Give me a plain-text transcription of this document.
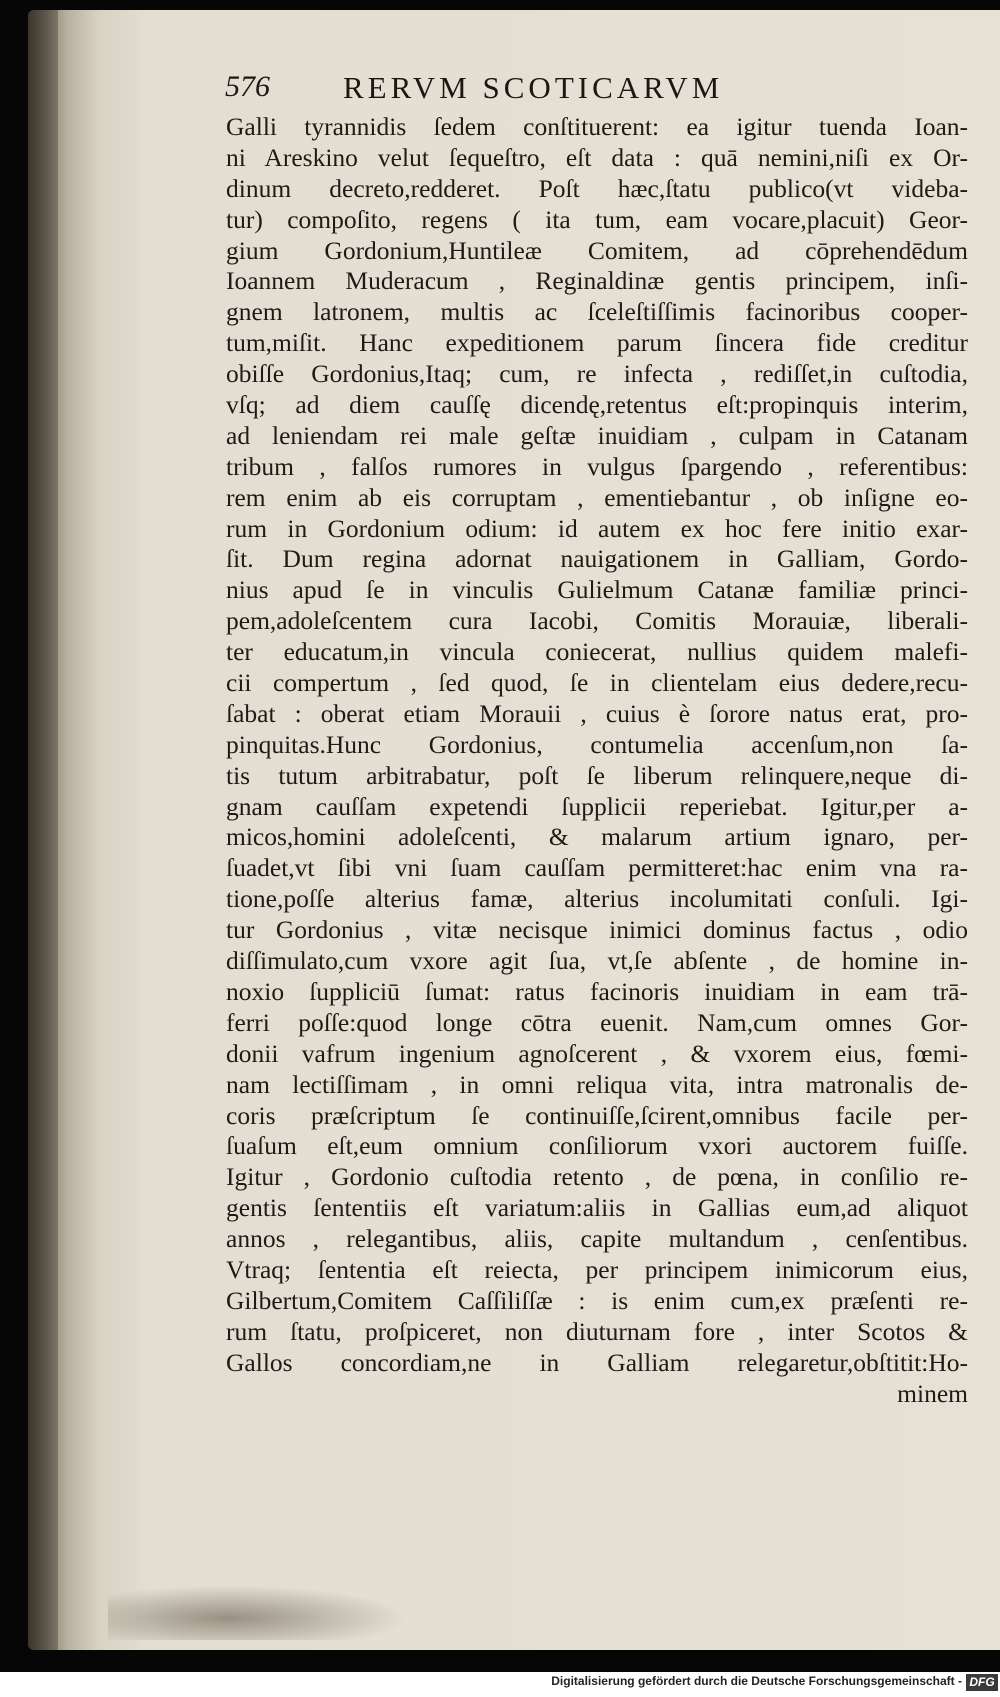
576 RERVM SCOTICARVM
Galli tyrannidis ſedem conſtituerent: ea igitur tuenda Ioan-
ni Areskino velut ſequeſtro, eſt data : quā nemini,niſi ex Or-
dinum decreto,redderet. Poſt hæc,ſtatu publico(vt videba-
tur) compoſito, regens ( ita tum, eam vocare,placuit) Geor-
gium Gordonium,Huntileæ Comitem, ad cōprehendēdum
Ioannem Muderacum , Reginaldinæ gentis principem, inſi-
gnem latronem, multis ac ſceleſtiſſimis facinoribus cooper-
tum,miſit. Hanc expeditionem parum ſincera fide creditur
obiſſe Gordonius,Itaq; cum, re infecta , rediſſet,in cuſtodia,
vſq; ad diem cauſſę dicendę,retentus eſt:propinquis interim,
ad leniendam rei male geſtæ inuidiam , culpam in Catanam
tribum , falſos rumores in vulgus ſpargendo , referentibus:
rem enim ab eis corruptam , ementiebantur , ob inſigne eo-
rum in Gordonium odium: id autem ex hoc fere initio exar-
ſit. Dum regina adornat nauigationem in Galliam, Gordo-
nius apud ſe in vinculis Gulielmum Catanæ familiæ princi-
pem,adoleſcentem cura Iacobi, Comitis Morauiæ, liberali-
ter educatum,in vincula coniecerat, nullius quidem malefi-
cii compertum , ſed quod, ſe in clientelam eius dedere,recu-
ſabat : oberat etiam Morauii , cuius è ſorore natus erat, pro-
pinquitas.Hunc Gordonius, contumelia accenſum,non ſa-
tis tutum arbitrabatur, poſt ſe liberum relinquere,neque di-
gnam cauſſam expetendi ſupplicii reperiebat. Igitur,per a-
micos,homini adoleſcenti, & malarum artium ignaro, per-
ſuadet,vt ſibi vni ſuam cauſſam permitteret:hac enim vna ra-
tione,poſſe alterius famæ, alterius incolumitati conſuli. Igi-
tur Gordonius , vitæ necisque inimici dominus factus , odio
diſſimulato,cum vxore agit ſua, vt,ſe abſente , de homine in-
noxio ſuppliciū ſumat: ratus facinoris inuidiam in eam trā-
ferri poſſe:quod longe cōtra euenit. Nam,cum omnes Gor-
donii vafrum ingenium agnoſcerent , & vxorem eius, fœmi-
nam lectiſſimam , in omni reliqua vita, intra matronalis de-
coris præſcriptum ſe continuiſſe,ſcirent,omnibus facile per-
ſuaſum eſt,eum omnium conſiliorum vxori auctorem fuiſſe.
Igitur , Gordonio cuſtodia retento , de pœna, in conſilio re-
gentis ſententiis eſt variatum:aliis in Gallias eum,ad aliquot
annos , relegantibus, aliis, capite multandum , cenſentibus.
Vtraq; ſententia eſt reiecta, per principem inimicorum eius,
Gilbertum,Comitem Caſſiliſſæ : is enim cum,ex præſenti re-
rum ſtatu, proſpiceret, non diuturnam fore , inter Scotos &
Gallos concordiam,ne in Galliam relegaretur,obſtitit:Ho-
minem
Digitalisierung gefördert durch die Deutsche Forschungsgemeinschaft - DFG
